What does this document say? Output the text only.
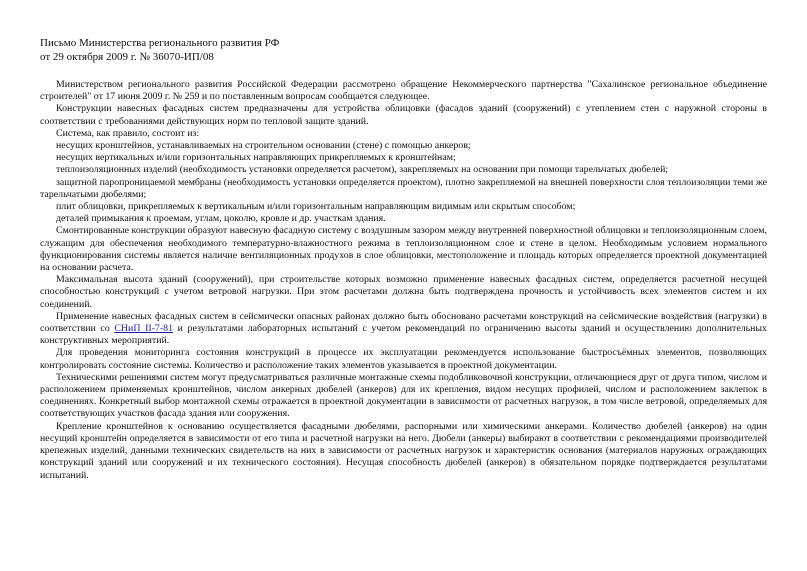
Письмо Министерства регионального развития РФ
от 29 октября 2009 г. № 36070-ИП/08

Министерством регионального развития Российской Федерации рассмотрено обращение Некоммерческого партнерства "Сахалинское региональное объединение строителей" от 17 июня 2009 г. № 259 и по поставленным вопросам сообщается следующее.

Конструкции навесных фасадных систем предназначены для устройства облицовки (фасадов зданий (сооружений) с утеплением стен с наружной стороны в соответствии с требованиями действующих норм по тепловой защите зданий.

Система, как правило, состоит из:

несущих кронштейнов, устанавливаемых на строительном основании (стене) с помощью анкеров;

несущих вертикальных и/или горизонтальных направляющих прикрепляемых к кронштейнам;

теплоизоляционных изделий (необходимость установки определяется расчетом), закрепляемых на основании при помощи тарельчатых дюбелей;

защитной паропроницаемой мембраны (необходимость установки определяется проектом), плотно закрепляемой на внешней поверхности слоя теплоизоляции теми же тарельчатыми дюбелями;

плит облицовки, прикрепляемых к вертикальным и/или горизонтальным направляющим видимым или скрытым способом;

деталей примыкания к проемам, углам, цоколю, кровле и др. участкам здания.

Смонтированные конструкции образуют навесную фасадную систему с воздушным зазором между внутренней поверхностной облицовки и теплоизоляционным слоем, служащим для обеспечения необходимого температурно-влажностного режима в теплоизоляционном слое и стене в целом. Необходимым условием нормального функционирования системы является наличие вентиляционных продухов в слое облицовки, местоположение и площадь которых определяется проектной документацией на основании расчета.

Максимальная высота зданий (сооружений), при строительстве которых возможно применение навесных фасадных систем, определяется расчетной несущей способностью конструкций с учетом ветровой нагрузки. При этом расчетами должна быть подтверждена прочность и устойчивость всех элементов систем и их соединений.

Применение навесных фасадных систем в сейсмически опасных районах должно быть обосновано расчетами конструкций на сейсмические воздействия (нагрузки) в соответствии со СНиП II-7-81 и результатами лабораторных испытаний с учетом рекомендаций по ограничению высоты зданий и осуществлению дополнительных конструктивных мероприятий.

Для проведения мониторинга состояния конструкций в процессе их эксплуатации рекомендуется использование быстросъёмных элементов, позволяющих контролировать состояние системы. Количество и расположение таких элементов указывается в проектной документации.

Техническими решениями систем могут предусматриваться различные монтажные схемы подобликовочной конструкции, отличающиеся друг от друга типом, числом и расположением применяемых кронштейнов, числом анкерных дюбелей (анкеров) для их крепления, видом несущих профилей, числом и расположением заклепок в соединениях. Конкретный выбор монтажной схемы отражается в проектной документации в зависимости от расчетных нагрузок, в том числе ветровой, определяемых для соответствующих участков фасада здания или сооружения.

Крепление кронштейнов к основанию осуществляется фасадными дюбелями, распорными или химическими анкерами. Количество дюбелей (анкеров) на один несущий кронштейн определяется в зависимости от его типа и расчетной нагрузки на него. Дюбели (анкеры) выбирают в соответствии с рекомендациями производителей крепежных изделий, данными технических свидетельств на них в зависимости от расчетных нагрузок и характеристик основания (материалов наружных ограждающих конструкций зданий или сооружений и их технического состояния). Несущая способность дюбелей (анкеров) в обязательном порядке подтверждается результатами испытаний.
